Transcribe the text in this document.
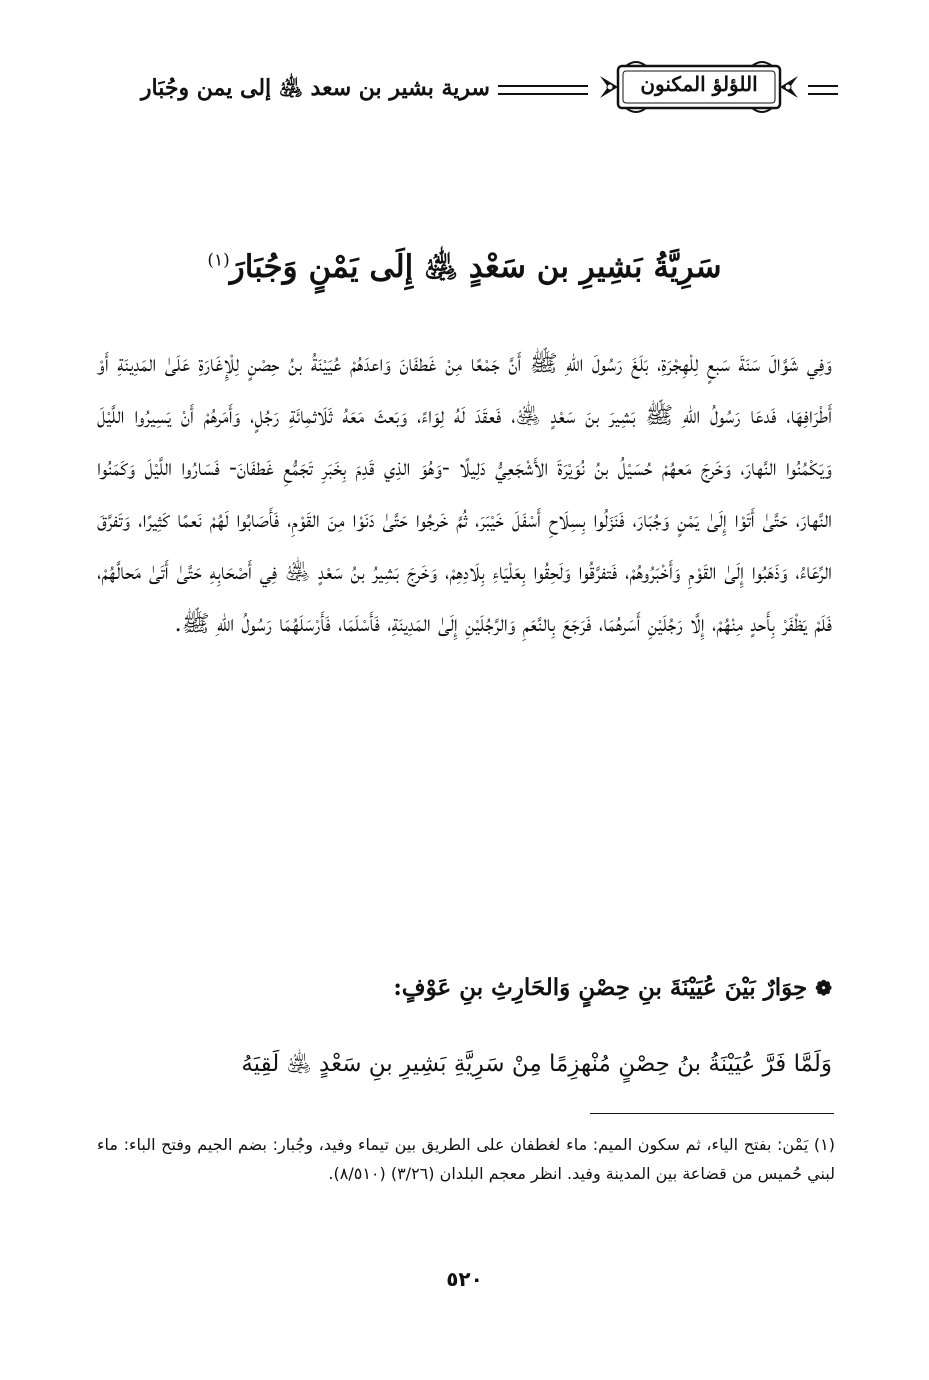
اللؤلؤ المكنون
سرية بشير بن سعد ﵁ إلى يمن وجُبَار
سَرِيَّةُ بَشِيرِ بن سَعْدٍ ﵁ إِلَى يَمْنٍ وَجُبَارَ$^{(١)}$
وَفِي شَوَّالَ سَنَةَ سَبعٍ لِلْهِجْرَةِ، بَلَغَ رَسُولَ اللهِ ﷺ أَنَّ جَمْعًا مِنْ غَطفَانَ وَاعدَهُمْ عُيَيْنَةُ بنُ حِصْنٍ لِلْإِغَارَةِ عَلَىٰ المَدِينَةِ أَوْ أَطْرَافِهَا، فَدعَا رَسُولُ اللهِ ﷺ بَشِيرَ بنَ سَعْدٍ ﵁، فَعقَدَ لَهُ لِوَاءً، وَبَعثَ مَعَهُ ثَلَاثمِائَةِ رَجُلٍ، وَأَمَرهُمْ أَنْ يَسِيرُوا اللَّيْلَ وَيَكْمُنُوا النَّهارَ، وَخَرجَ مَعهُمْ حُسَيْلُ بنُ نُوَيْرَةَ الأَشْجَعِيُّ دَلِيلًا -وَهُوَ الذِي قَدِمَ بِخَبَرِ تَجَمُّعِ غَطفَانَ- فَسَارُوا اللَّيْلَ وَكَمَنُوا النَّهارَ، حَتَّىٰ أَتَوْا إِلَىٰ يَمْنٍ وَجُبَارَ، فَنَزَلُوا بِسِلَاحِ أَسْفَلَ خَيْبَرَ، ثُمَّ خَرجُوا حَتَّىٰ دَنَوْا مِنَ القَوْمِ، فَأَصَابُوا لَهُمْ نَعمًا كَثِيرًا، وَتَفرَّقَ الرِّعَاءُ، وَذَهَبُوا إِلَىٰ القَوْمِ وَأَخْبَرُوهُمْ، فَتفرَّقُوا وَلَحِقُوا بِعَلْيَاءِ بِلَادِهِمْ، وَخَرجَ بَشِيرُ بنُ سَعْدٍ ﵁ فِي أَصْحَابِهِ حَتَّىٰ أَتَىٰ مَحالَّهُمْ، فَلَمْ يَظْفَرْ بِأَحدٍ مِنْهُمْ، إِلَّا رَجُلَيْنِ أَسَرهُمَا، فَرَجَعَ بِالنَّعَمِ وَالرَّجُلَيْنِ إِلَىٰ المَدِينَةِ، فَأَسْلَمَا، فَأَرْسَلَهُمَا رَسُولُ اللهِ ﷺ.
❁حِوَارٌ بَيْنَ عُيَيْنَةَ بنِ حِصْنٍ وَالحَارِثِ بنِ عَوْفٍ:
وَلَمَّا فَرَّ عُيَيْنَةُ بنُ حِصْنٍ مُنْهزِمًا مِنْ سَرِيَّةِ بَشِيرِ بنِ سَعْدٍ ﵁ لَقِيَهُ
(١) يَمْن: بفتح الياء، ثم سكون الميم: ماء لغطفان على الطريق بين تيماء وفيد، وجُبار: بضم الجيم وفتح الباء: ماء لبني حُميس من قضاعة بين المدينة وفيد. انظر معجم البلدان (٣/٢٦) (٨/٥١٠).
٥٢٠
